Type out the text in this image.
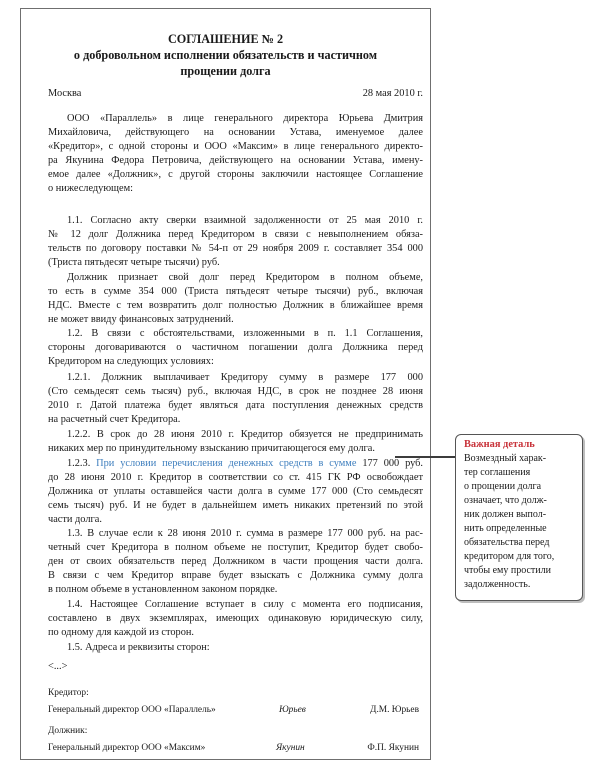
СОГЛАШЕНИЕ № 2
о добровольном исполнении обязательств и частичном
прощении долга
Москва	28 мая 2010 г.
ООО «Параллель» в лице генерального директора Юрьева Дмитрия
Михайловича, действующего на основании Устава, именуемое далее
«Кредитор», с одной стороны и ООО «Максим» в лице генерального директо-
ра Якунина Федора Петровича, действующего на основании Устава, имену-
емое далее «Должник», с другой стороны заключили настоящее Соглашение
о нижеследующем:
1.1. Согласно акту сверки взаимной задолженности от 25 мая 2010 г.
№ 12 долг Должника перед Кредитором в связи с невыполнением обяза-
тельств по договору поставки № 54-п от 29 ноября 2009 г. составляет 354 000
(Триста пятьдесят четыре тысячи) руб.
Должник признает свой долг перед Кредитором в полном объеме,
то есть в сумме 354 000 (Триста пятьдесят четыре тысячи) руб., включая
НДС. Вместе с тем возвратить долг полностью Должник в ближайшее время
не может ввиду финансовых затруднений.
1.2. В связи с обстоятельствами, изложенными в п. 1.1 Соглашения,
стороны договариваются о частичном погашении долга Должника перед
Кредитором на следующих условиях:
1.2.1. Должник выплачивает Кредитору сумму в размере 177 000
(Сто семьдесят семь тысяч) руб., включая НДС, в срок не позднее 28 июня
2010 г. Датой платежа будет являться дата поступления денежных средств
на расчетный счет Кредитора.
1.2.2. В срок до 28 июня 2010 г. Кредитор обязуется не предпринимать
никаких мер по принудительному взысканию причитающегося ему долга.
1.2.3. При условии перечисления денежных средств в сумме 177 000 руб.
до 28 июня 2010 г. Кредитор в соответствии со ст. 415 ГК РФ освобождает
Должника от уплаты оставшейся части долга в сумме 177 000 (Сто семьдесят
семь тысяч) руб. И не будет в дальнейшем иметь никаких претензий по этой
части долга.
1.3. В случае если к 28 июня 2010 г. сумма в размере 177 000 руб. на рас-
четный счет Кредитора в полном объеме не поступит, Кредитор будет свобо-
ден от своих обязательств перед Должником в части прощения части долга.
В связи с чем Кредитор вправе будет взыскать с Должника сумму долга
в полном объеме в установленном законом порядке.
1.4. Настоящее Соглашение вступает в силу с момента его подписания,
составлено в двух экземплярах, имеющих одинаковую юридическую силу,
по одному для каждой из сторон.
1.5. Адреса и реквизиты сторон:
<...>
Кредитор:
Генеральный директор ООО «Параллель»	Юрьев	Д.М. Юрьев
Должник:
Генеральный директор ООО «Максим»	Якунин	Ф.П. Якунин
Важная деталь
Возмездный харак-
тер соглашения
о прощении долга
означает, что долж-
ник должен выпол-
нить определенные
обязательства перед
кредитором для того,
чтобы ему простили
задолженность.
